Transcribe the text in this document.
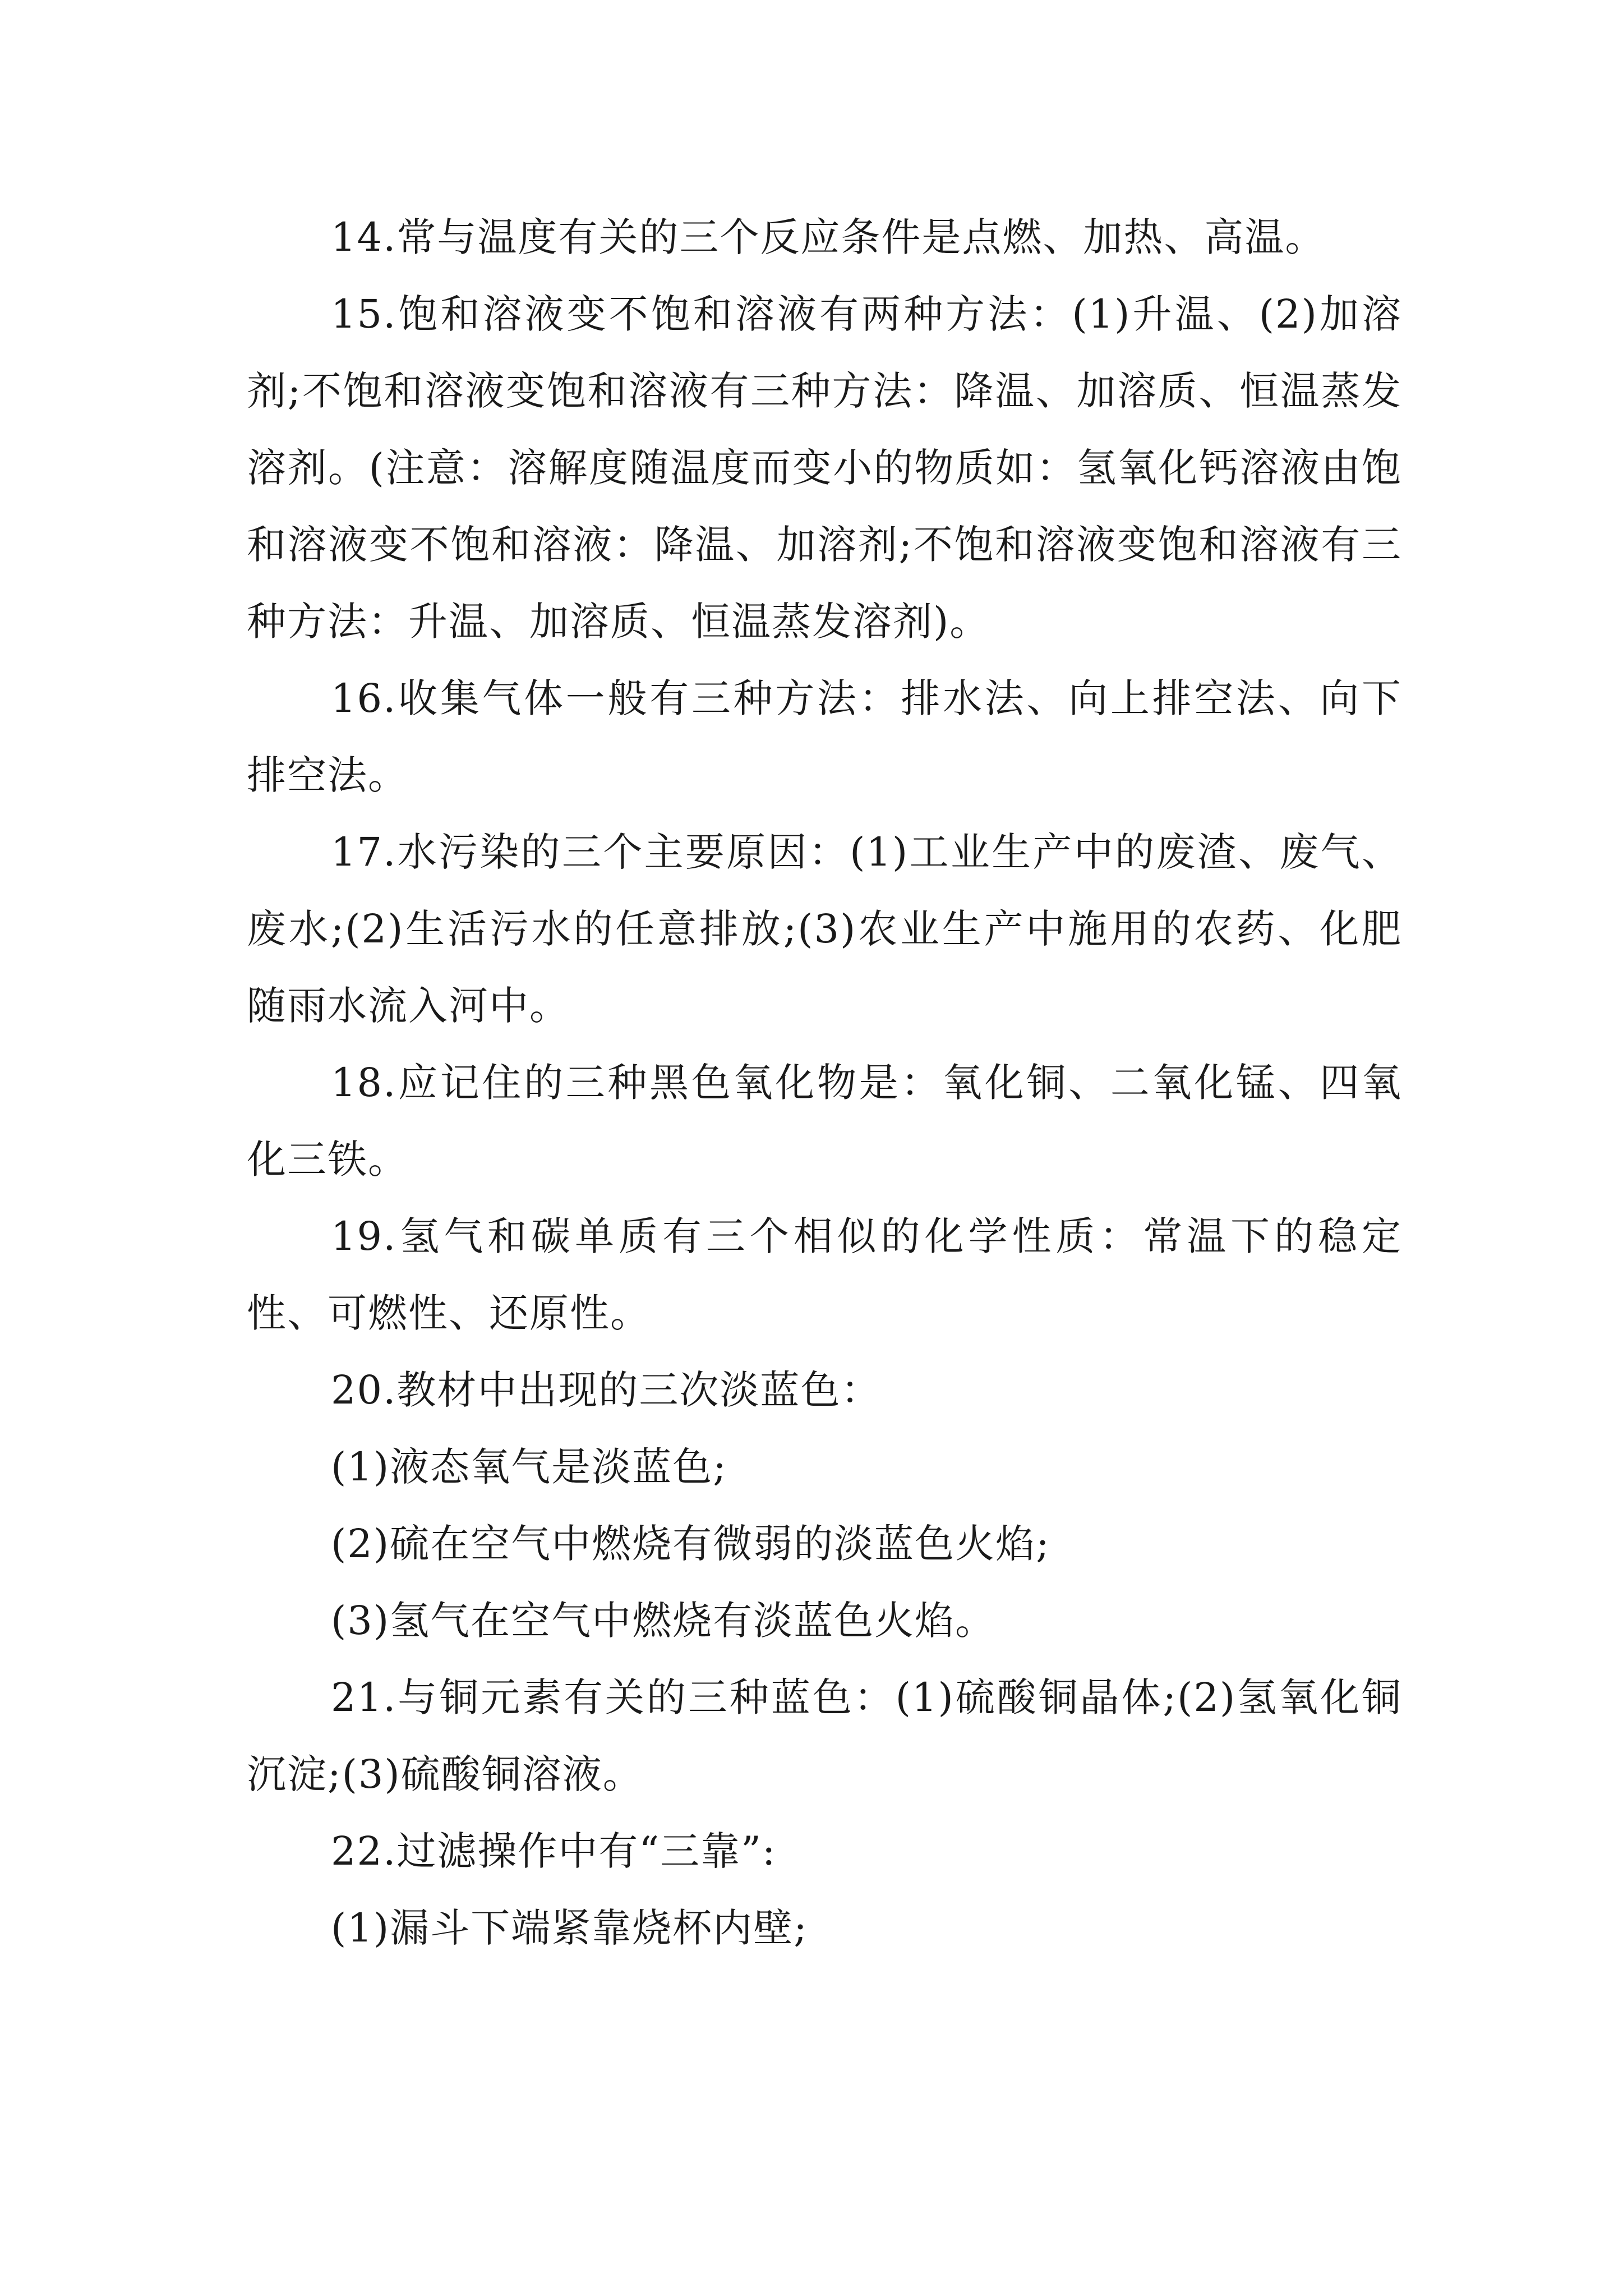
14.常与温度有关的三个反应条件是点燃、加热、高温。

15.饱和溶液变不饱和溶液有两种方法：(1)升温、(2)加溶剂;不饱和溶液变饱和溶液有三种方法：降温、加溶质、恒温蒸发溶剂。(注意：溶解度随温度而变小的物质如：氢氧化钙溶液由饱和溶液变不饱和溶液：降温、加溶剂;不饱和溶液变饱和溶液有三种方法：升温、加溶质、恒温蒸发溶剂)。

16.收集气体一般有三种方法：排水法、向上排空法、向下排空法。

17.水污染的三个主要原因：(1)工业生产中的废渣、废气、废水;(2)生活污水的任意排放;(3)农业生产中施用的农药、化肥随雨水流入河中。

18.应记住的三种黑色氧化物是：氧化铜、二氧化锰、四氧化三铁。

19.氢气和碳单质有三个相似的化学性质：常温下的稳定性、可燃性、还原性。

20.教材中出现的三次淡蓝色：

(1)液态氧气是淡蓝色;

(2)硫在空气中燃烧有微弱的淡蓝色火焰;

(3)氢气在空气中燃烧有淡蓝色火焰。

21.与铜元素有关的三种蓝色：(1)硫酸铜晶体;(2)氢氧化铜沉淀;(3)硫酸铜溶液。

22.过滤操作中有“三靠”:

(1)漏斗下端紧靠烧杯内壁;
